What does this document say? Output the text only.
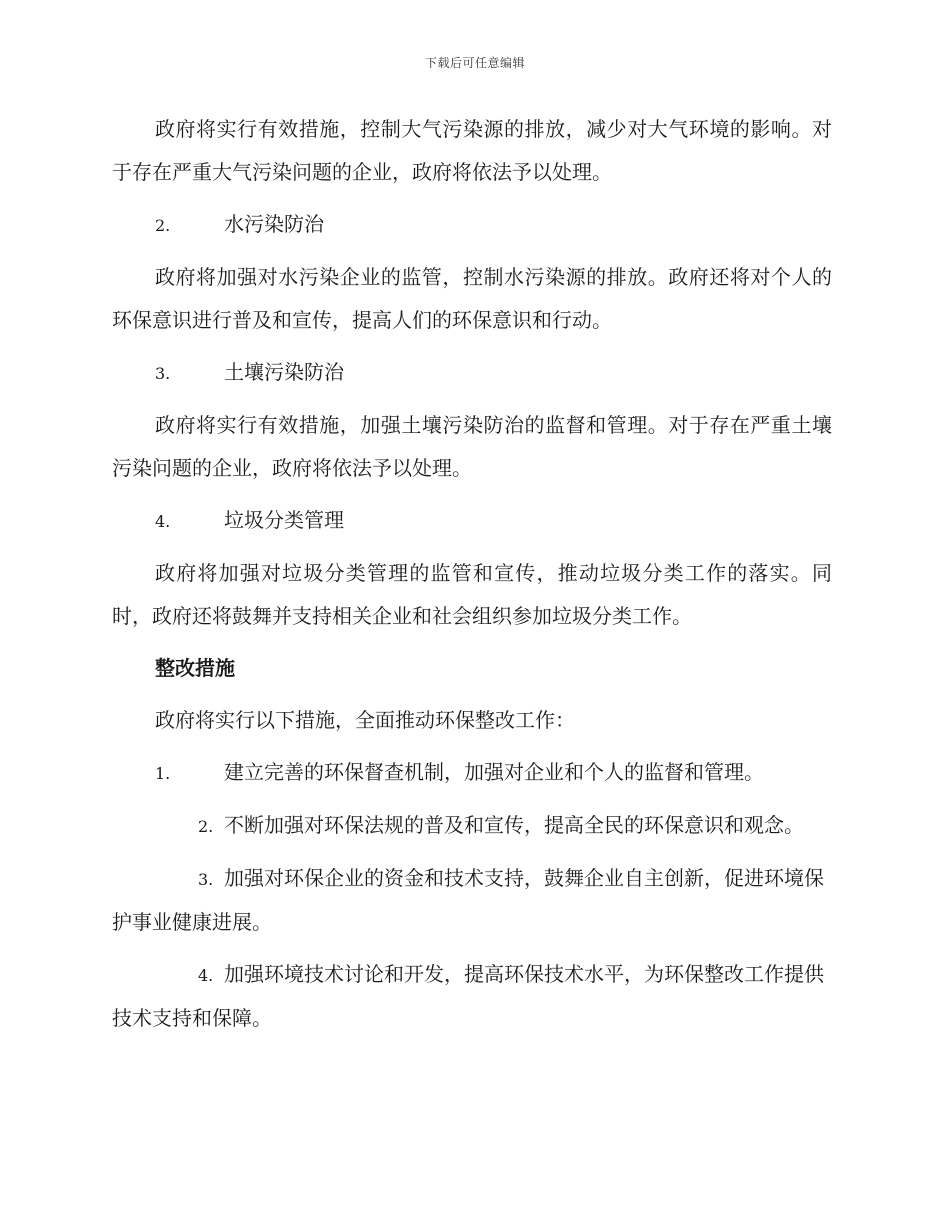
下载后可任意编辑

政府将实行有效措施，控制大气污染源的排放，减少对大气环境的影响。对于存在严重大气污染问题的企业，政府将依法予以处理。

2.	水污染防治

政府将加强对水污染企业的监管，控制水污染源的排放。政府还将对个人的环保意识进行普及和宣传，提高人们的环保意识和行动。

3.	土壤污染防治

政府将实行有效措施，加强土壤污染防治的监督和管理。对于存在严重土壤污染问题的企业，政府将依法予以处理。

4.	垃圾分类管理

政府将加强对垃圾分类管理的监管和宣传，推动垃圾分类工作的落实。同时，政府还将鼓舞并支持相关企业和社会组织参加垃圾分类工作。

整改措施

政府将实行以下措施，全面推动环保整改工作：

1.	建立完善的环保督查机制，加强对企业和个人的监督和管理。

2. 不断加强对环保法规的普及和宣传，提高全民的环保意识和观念。

3. 加强对环保企业的资金和技术支持，鼓舞企业自主创新，促进环境保护事业健康进展。

4. 加强环境技术讨论和开发，提高环保技术水平，为环保整改工作提供技术支持和保障。
